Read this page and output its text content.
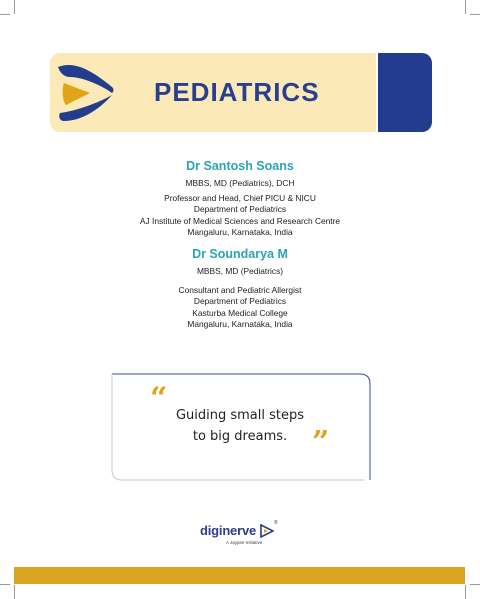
PEDIATRICS

Dr Santosh Soans

MBBS, MD (Pediatrics), DCH

Professor and Head, Chief PICU & NICU

Department of Pediatrics

AJ Institute of Medical Sciences and Research Centre

Mangaluru, Karnataka, India

Dr Soundarya M

MBBS, MD (Pediatrics)

Consultant and Pediatric Allergist

Department of Pediatrics

Kasturba Medical College

Mangaluru, Karnataka, India

“ Guiding small steps
to big dreams. ”
diginerve	®
A Jaypee Initiative
